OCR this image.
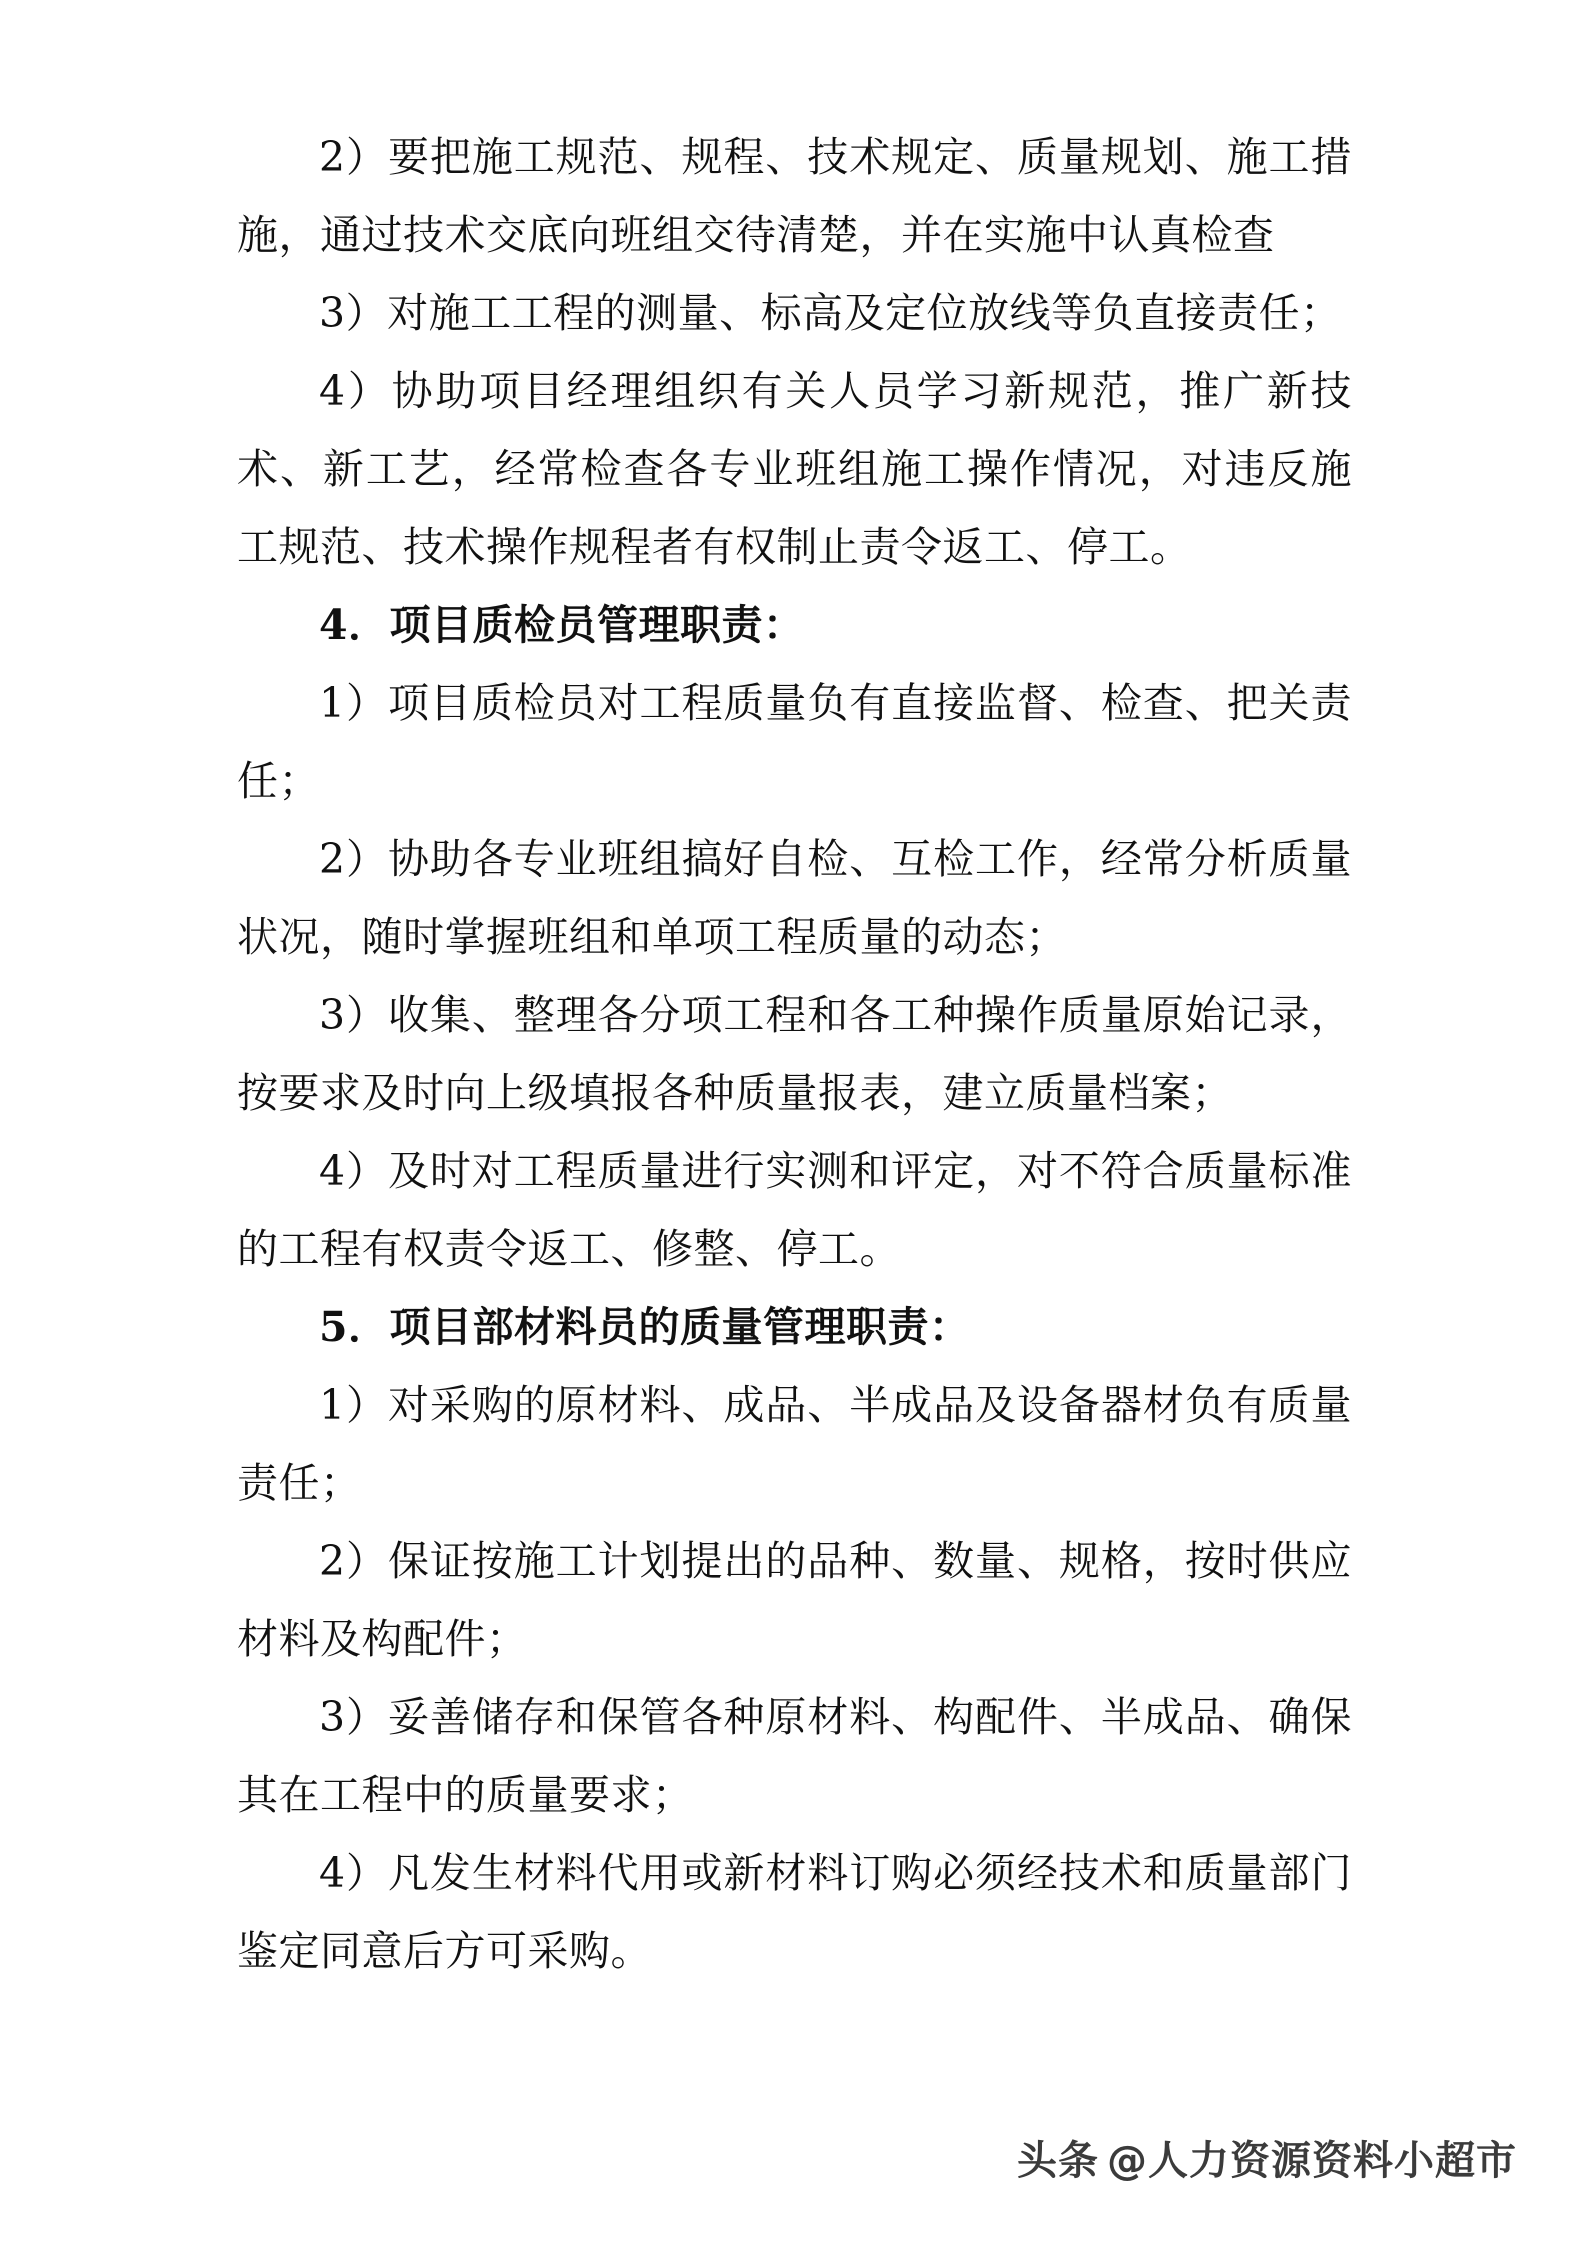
2）要把施工规范、规程、技术规定、质量规划、施工措施，通过技术交底向班组交待清楚，并在实施中认真检查

3）对施工工程的测量、标高及定位放线等负直接责任；

4）协助项目经理组织有关人员学习新规范，推广新技术、新工艺，经常检查各专业班组施工操作情况，对违反施工规范、技术操作规程者有权制止责令返工、停工。

4．项目质检员管理职责：

1）项目质检员对工程质量负有直接监督、检查、把关责任；

2）协助各专业班组搞好自检、互检工作，经常分析质量状况，随时掌握班组和单项工程质量的动态；

3）收集、整理各分项工程和各工种操作质量原始记录，按要求及时向上级填报各种质量报表，建立质量档案；

4）及时对工程质量进行实测和评定，对不符合质量标准的工程有权责令返工、修整、停工。

5．项目部材料员的质量管理职责：

1）对采购的原材料、成品、半成品及设备器材负有质量责任；

2）保证按施工计划提出的品种、数量、规格，按时供应材料及构配件；

3）妥善储存和保管各种原材料、构配件、半成品、确保其在工程中的质量要求；

4）凡发生材料代用或新材料订购必须经技术和质量部门鉴定同意后方可采购。

头条 @人力资源资料小超市
